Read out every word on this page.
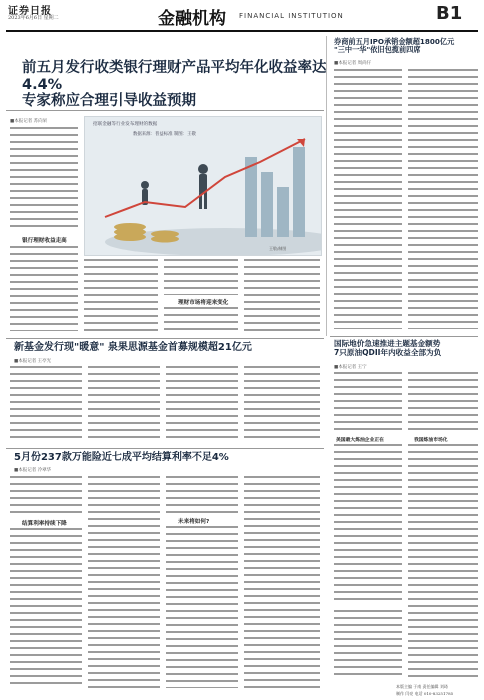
证券日报
2023年6月6日 星期二	金融机构 FINANCIAL INSTITUTION	B1
前五月发行收类银行理财产品平均年化收益率达4.4%
专家称应合理引导收益预期
■本报记者 苏向杲
银行理财收益走高
招联金融等行业发布理财的数据
数据来源：普益标准 制图：王敬
王敬/制图
理财市场将迎来变化
券商前五月IPO承销金额超1800亿元
"三中一华"依旧包揽前四席
■本报记者 周尚仔
国际地价急速推进主题基金额势
7只原油QDII年内收益全部为负
■本报记者 王宁
美国最大炼油企业正在	我国炼油市场化
新基金发行现"暖意" 泉果思源基金首募规模超21亿元
■本报记者 王亭光
5月份237款万能险近七成平均结算利率不足4%
■本报记者 冷翠华
结算利率持续下降	未来将如何?
本版主编 于南 责任编辑 刘琦
制作 闫亮 电话 010-83251785
